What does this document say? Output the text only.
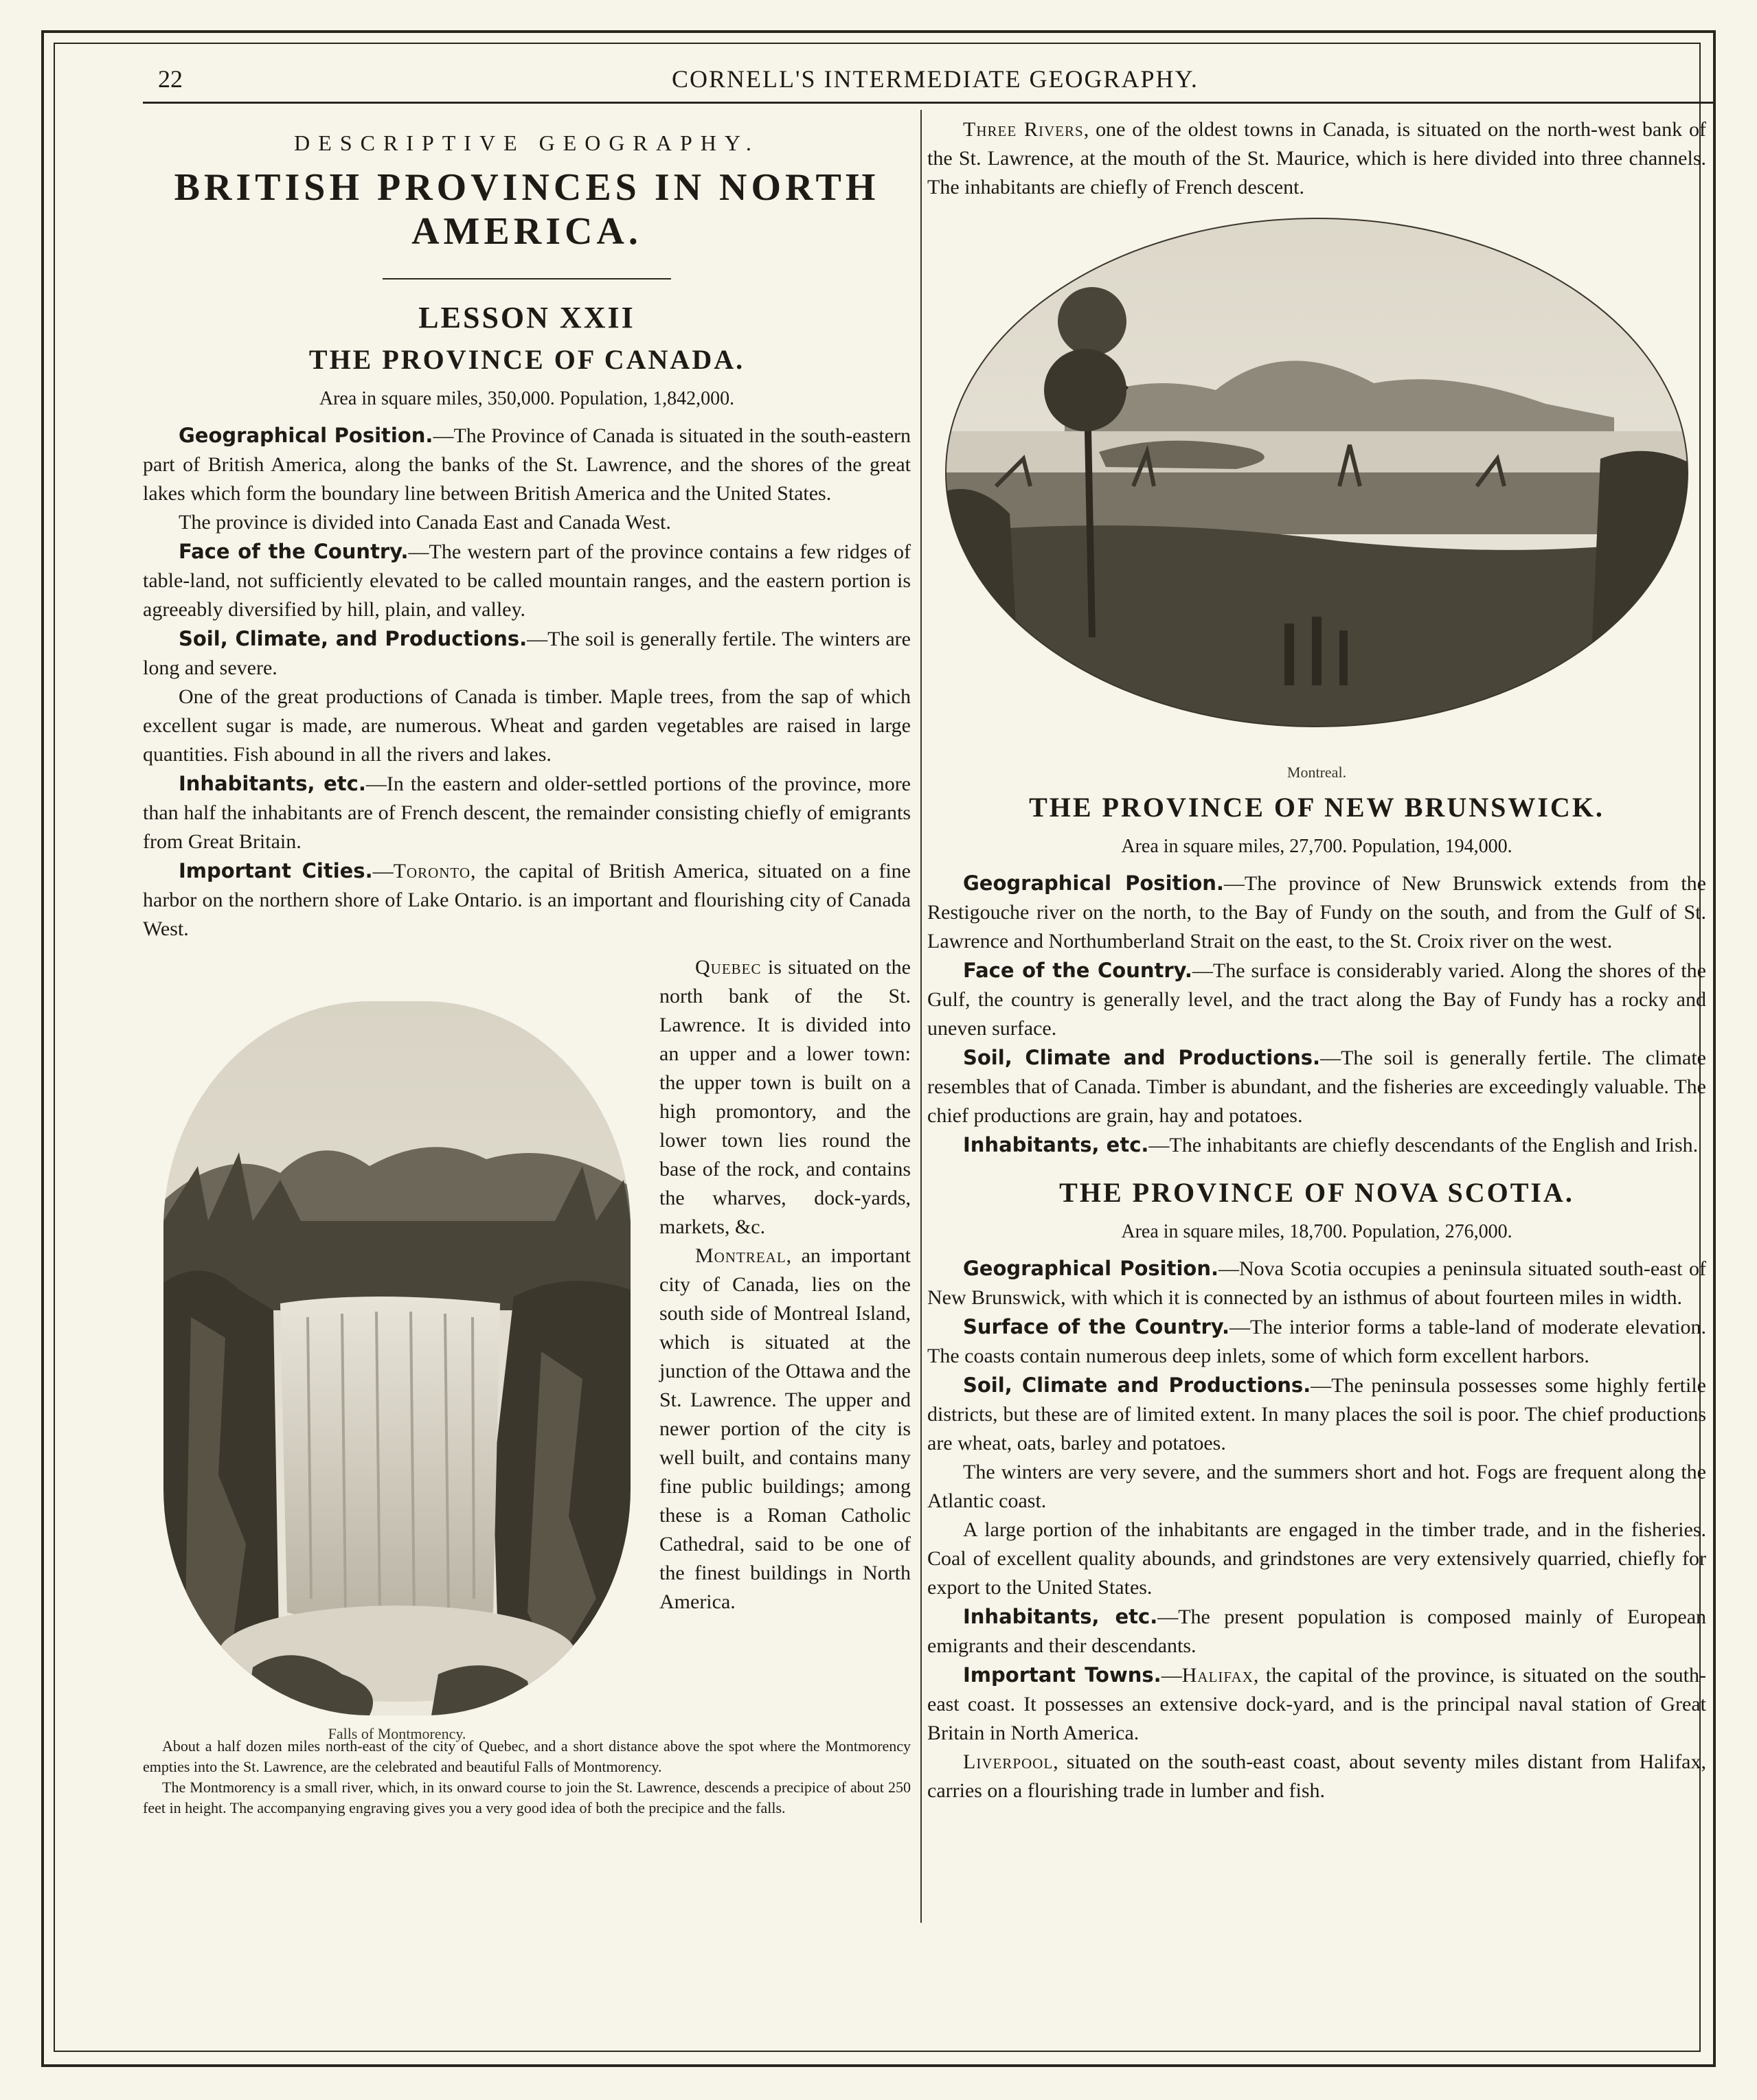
22	CORNELL'S INTERMEDIATE GEOGRAPHY.
DESCRIPTIVE GEOGRAPHY.
BRITISH PROVINCES IN NORTH AMERICA.
LESSON XXII
THE PROVINCE OF CANADA.

Area in square miles, 350,000. Population, 1,842,000.

Geographical Position.—The Province of Canada is situated in the south-eastern part of British America, along the banks of the St. Lawrence, and the shores of the great lakes which form the boundary line between British America and the United States.

The province is divided into Canada East and Canada West.

Face of the Country.—The western part of the province contains a few ridges of table-land, not sufficiently elevated to be called mountain ranges, and the eastern portion is agreeably diversified by hill, plain, and valley.

Soil, Climate, and Productions.—The soil is generally fertile. The winters are long and severe.

One of the great productions of Canada is timber. Maple trees, from the sap of which excellent sugar is made, are numerous. Wheat and garden vegetables are raised in large quantities. Fish abound in all the rivers and lakes.

Inhabitants, etc.—In the eastern and older-settled portions of the province, more than half the inhabitants are of French descent, the remainder consisting chiefly of emigrants from Great Britain.

Important Cities.—Toronto, the capital of British America, situated on a fine harbor on the northern shore of Lake Ontario. is an important and flourishing city of Canada West.

Falls of Montmorency.

Quebec is situated on the north bank of the St. Lawrence. It is divided into an upper and a lower town: the upper town is built on a high promontory, and the lower town lies round the base of the rock, and contains the wharves, dock-yards, markets, &c.

Montreal, an important city of Canada, lies on the south side of Montreal Island, which is situated at the junction of the Ottawa and the St. Lawrence. The upper and newer portion of the city is well built, and contains many fine public buildings; among these is a Roman Catholic Cathedral, said to be one of the finest buildings in North America.

About a half dozen miles north-east of the city of Quebec, and a short distance above the spot where the Montmorency empties into the St. Lawrence, are the celebrated and beautiful Falls of Montmorency.

The Montmorency is a small river, which, in its onward course to join the St. Lawrence, descends a precipice of about 250 feet in height. The accompanying engraving gives you a very good idea of both the precipice and the falls.

Three Rivers, one of the oldest towns in Canada, is situated on the north-west bank of the St. Lawrence, at the mouth of the St. Maurice, which is here divided into three channels. The inhabitants are chiefly of French descent.

Montreal.

THE PROVINCE OF NEW BRUNSWICK.

Area in square miles, 27,700. Population, 194,000.

Geographical Position.—The province of New Brunswick extends from the Restigouche river on the north, to the Bay of Fundy on the south, and from the Gulf of St. Lawrence and Northumberland Strait on the east, to the St. Croix river on the west.

Face of the Country.—The surface is considerably varied. Along the shores of the Gulf, the country is generally level, and the tract along the Bay of Fundy has a rocky and uneven surface.

Soil, Climate and Productions.—The soil is generally fertile. The climate resembles that of Canada. Timber is abundant, and the fisheries are exceedingly valuable. The chief productions are grain, hay and potatoes.

Inhabitants, etc.—The inhabitants are chiefly descendants of the English and Irish.

THE PROVINCE OF NOVA SCOTIA.

Area in square miles, 18,700. Population, 276,000.

Geographical Position.—Nova Scotia occupies a peninsula situated south-east of New Brunswick, with which it is connected by an isthmus of about fourteen miles in width.

Surface of the Country.—The interior forms a table-land of moderate elevation. The coasts contain numerous deep inlets, some of which form excellent harbors.

Soil, Climate and Productions.—The peninsula possesses some highly fertile districts, but these are of limited extent. In many places the soil is poor. The chief productions are wheat, oats, barley and potatoes.

The winters are very severe, and the summers short and hot. Fogs are frequent along the Atlantic coast.

A large portion of the inhabitants are engaged in the timber trade, and in the fisheries. Coal of excellent quality abounds, and grindstones are very extensively quarried, chiefly for export to the United States.

Inhabitants, etc.—The present population is composed mainly of European emigrants and their descendants.

Important Towns.—Halifax, the capital of the province, is situated on the south-east coast. It possesses an extensive dock-yard, and is the principal naval station of Great Britain in North America.

Liverpool, situated on the south-east coast, about seventy miles distant from Halifax, carries on a flourishing trade in lumber and fish.
